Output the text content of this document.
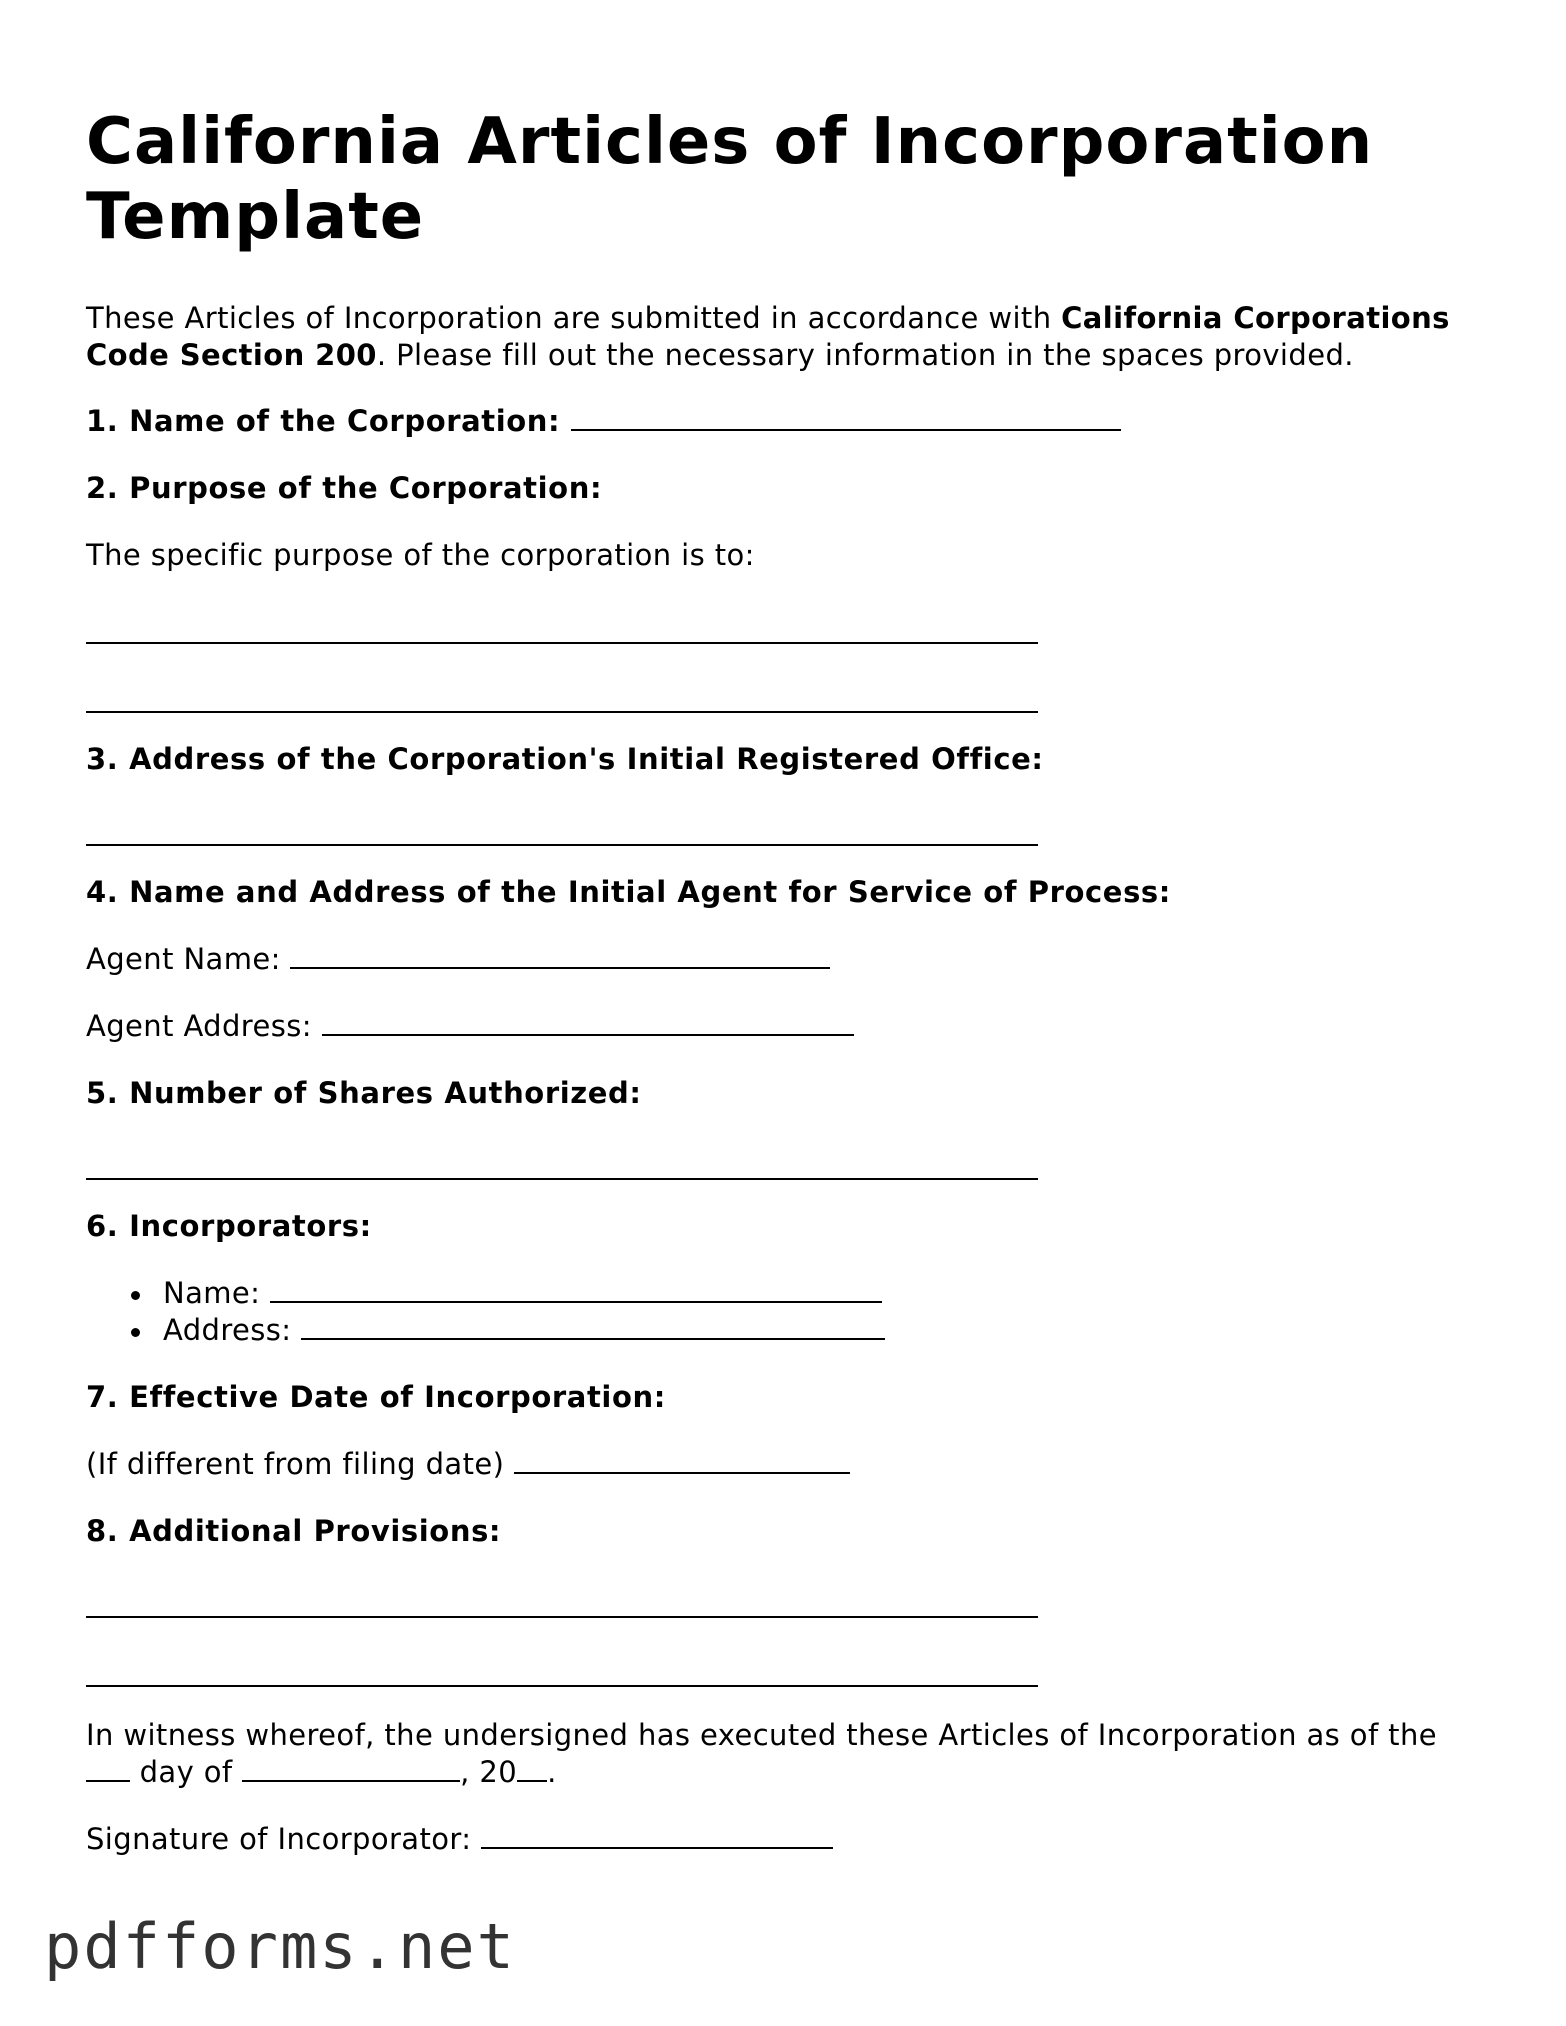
California Articles of Incorporation Template
These Articles of Incorporation are submitted in accordance with California Corporations Code Section 200. Please fill out the necessary information in the spaces provided.
1. Name of the Corporation:
2. Purpose of the Corporation:
The specific purpose of the corporation is to:
3. Address of the Corporation's Initial Registered Office:
4. Name and Address of the Initial Agent for Service of Process:
Agent Name:
Agent Address:
5. Number of Shares Authorized:
6. Incorporators:
Name:
Address:
7. Effective Date of Incorporation:
(If different from filing date)
8. Additional Provisions:
In witness whereof, the undersigned has executed these Articles of Incorporation as of the
day of	, 20 .
Signature of Incorporator:
pdfforms.net
